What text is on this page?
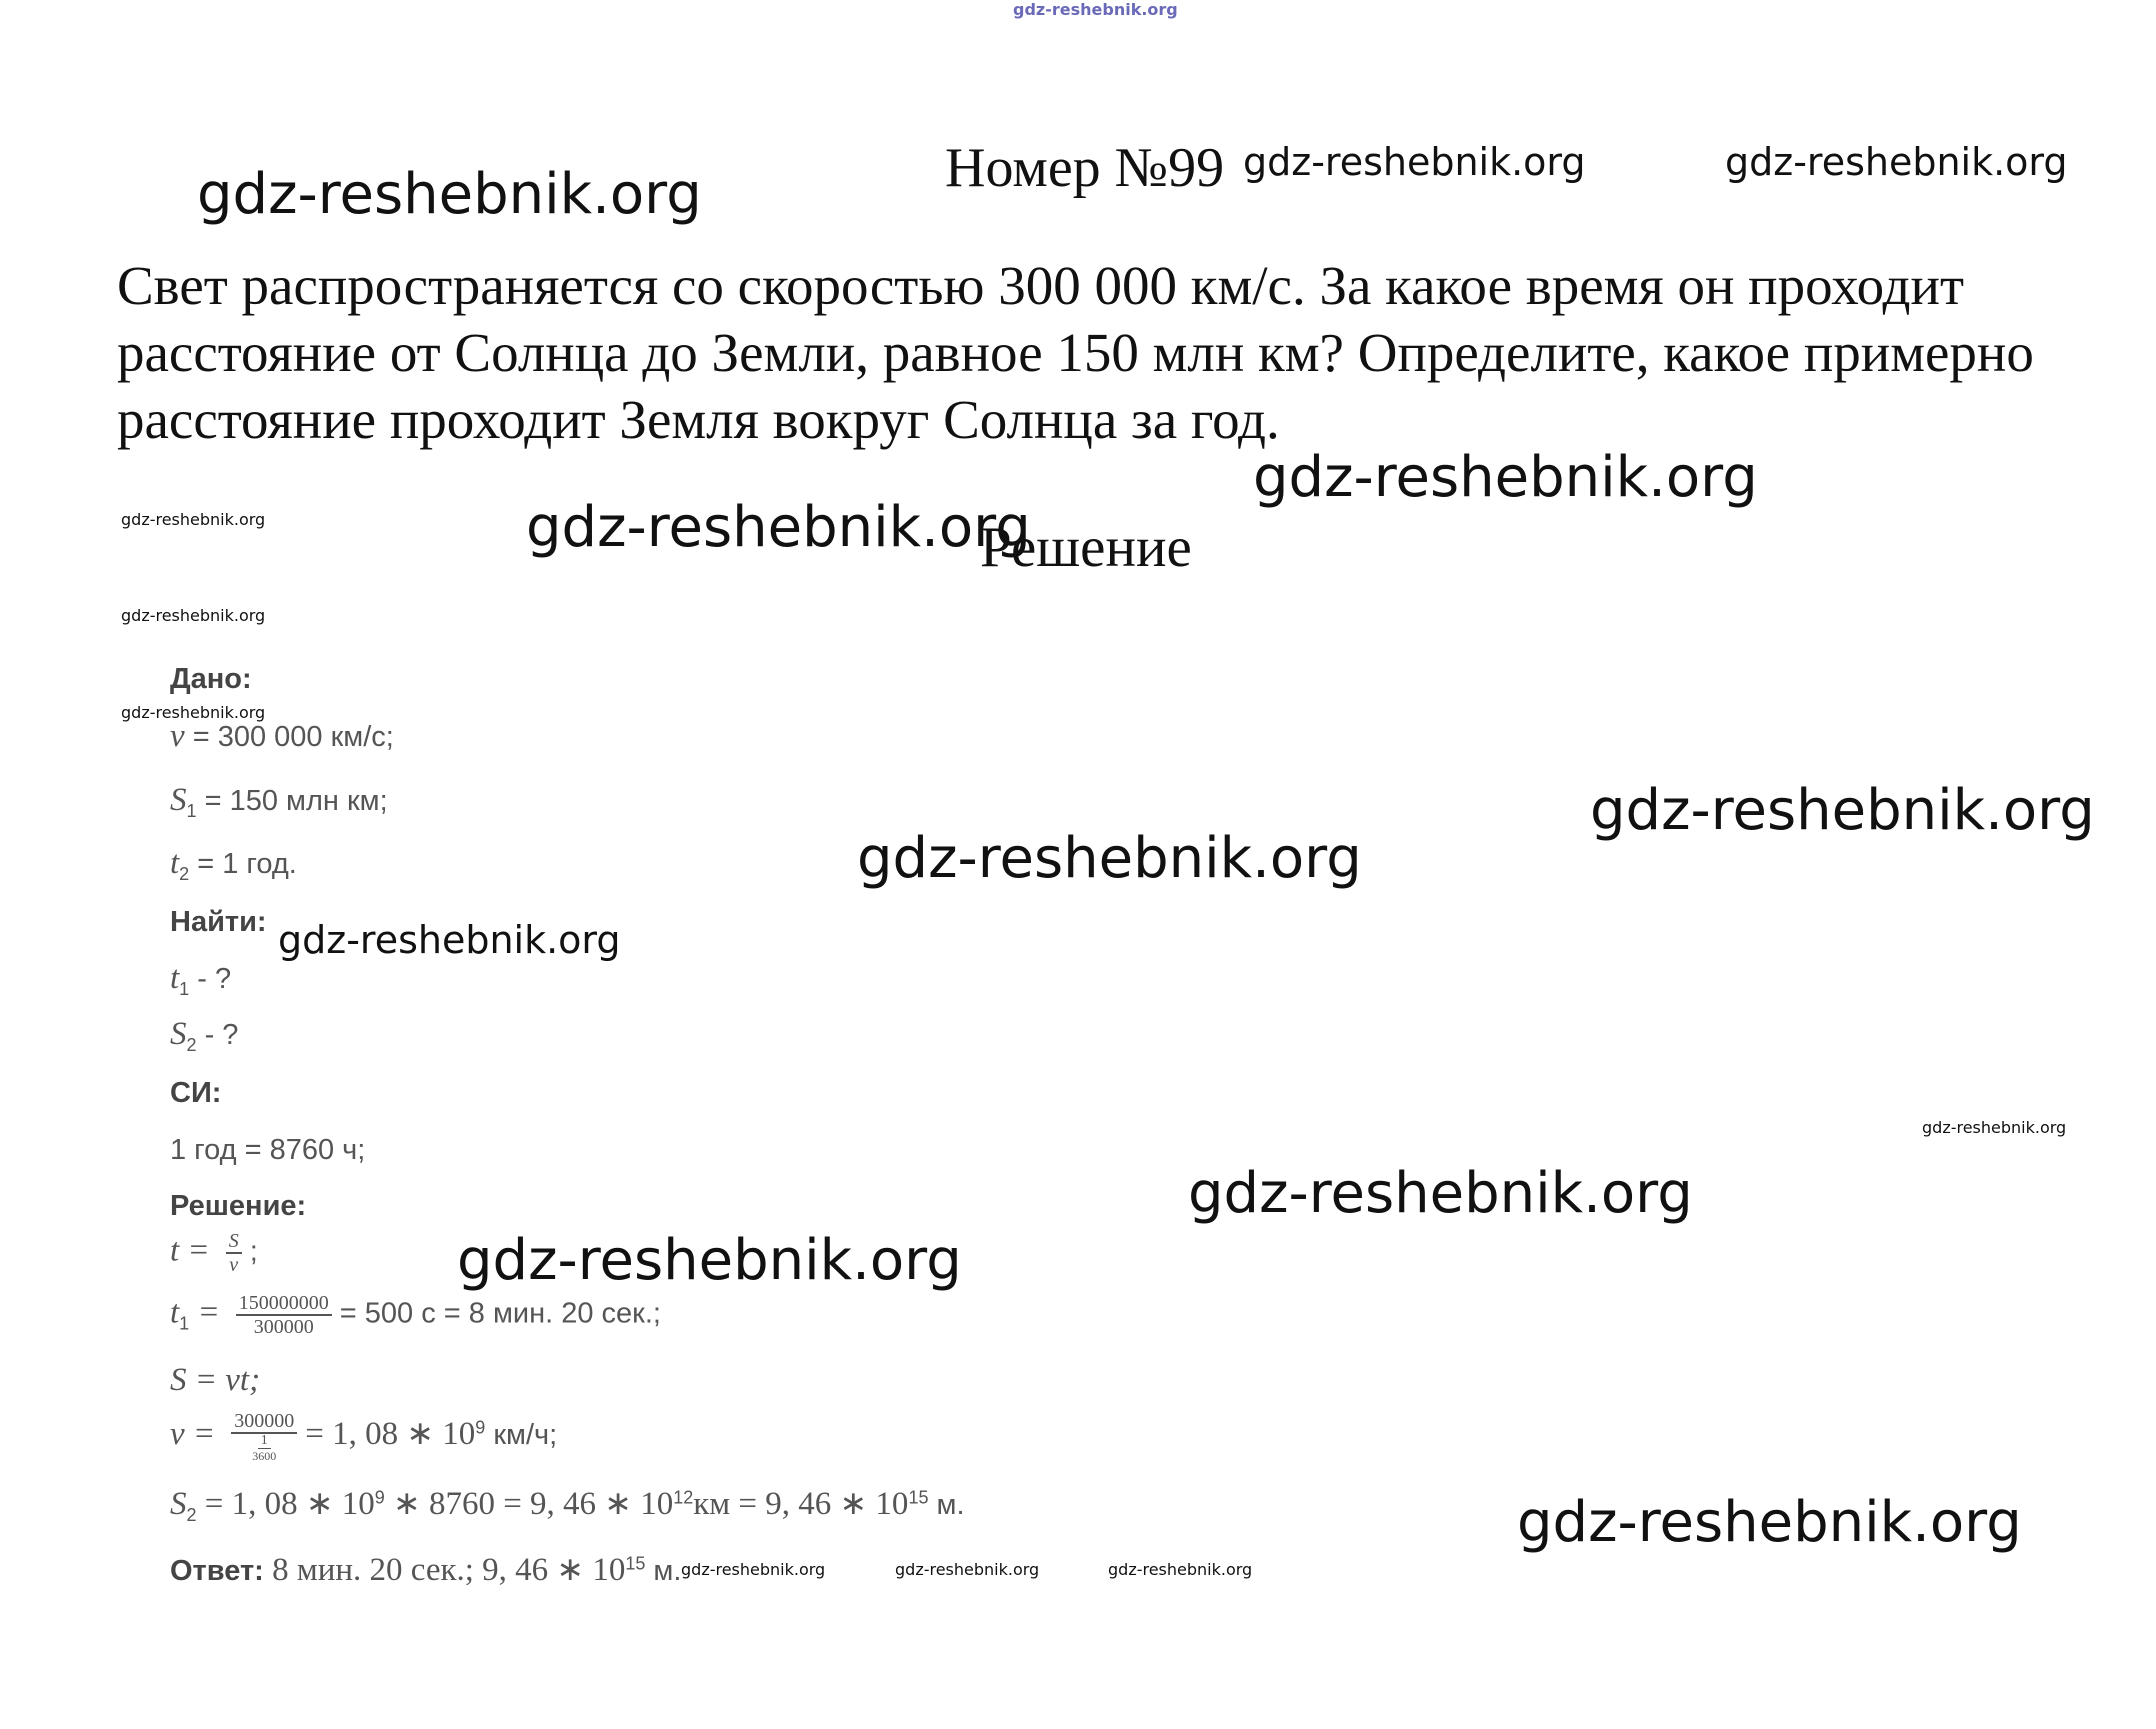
gdz-reshebnik.org
gdz-reshebnik.org	Номер №99 gdz-reshebnik.org	gdz-reshebnik.org
Свет распространяется со скоростью 300 000 км/с. За какое время он проходит расстояние от Солнца до Земли, равное 150 млн км? Определите, какое примерно расстояние проходит Земля вокруг Солнца за год.
gdz-reshebnik.org
gdz-reshebnik.org	gdz-reshebnik.org
Решение
gdz-reshebnik.org
Дано:
gdz-reshebnik.org
v = 300 000 км/с;
$S_1 = 150$ млн км;
$t_2 = 1$ год.
Найти: gdz-reshebnik.org
gdz-reshebnik.org
gdz-reshebnik.org
$t_1$ - ?
$S_2$ - ?
СИ:
gdz-reshebnik.org
1 год = 8760 ч;
Решение:	gdz-reshebnik.org
$t = \frac{S}{v}$ ;	gdz-reshebnik.org
$t_1 = \frac{150000000}{300000} = 500$ с = 8 мин. 20 сек.;
S = vt;
$v = \frac{300000}{\frac{1}{3600}} = 1$, 08 ∗ $10^9$ км/ч;
$S_2 = 1$, 08 ∗ $10^9$ ∗ 8760 = 9, 46 ∗ $10^{12}км = 9$, 46 ∗ $10^{15}$ м.	gdz-reshebnik.org
Ответ: 8 мин. 20 сек.; 9, 46 ∗ $10^{15}$ м. gdz-reshebnik.org	gdz-reshebnik.org	gdz-reshebnik.org
